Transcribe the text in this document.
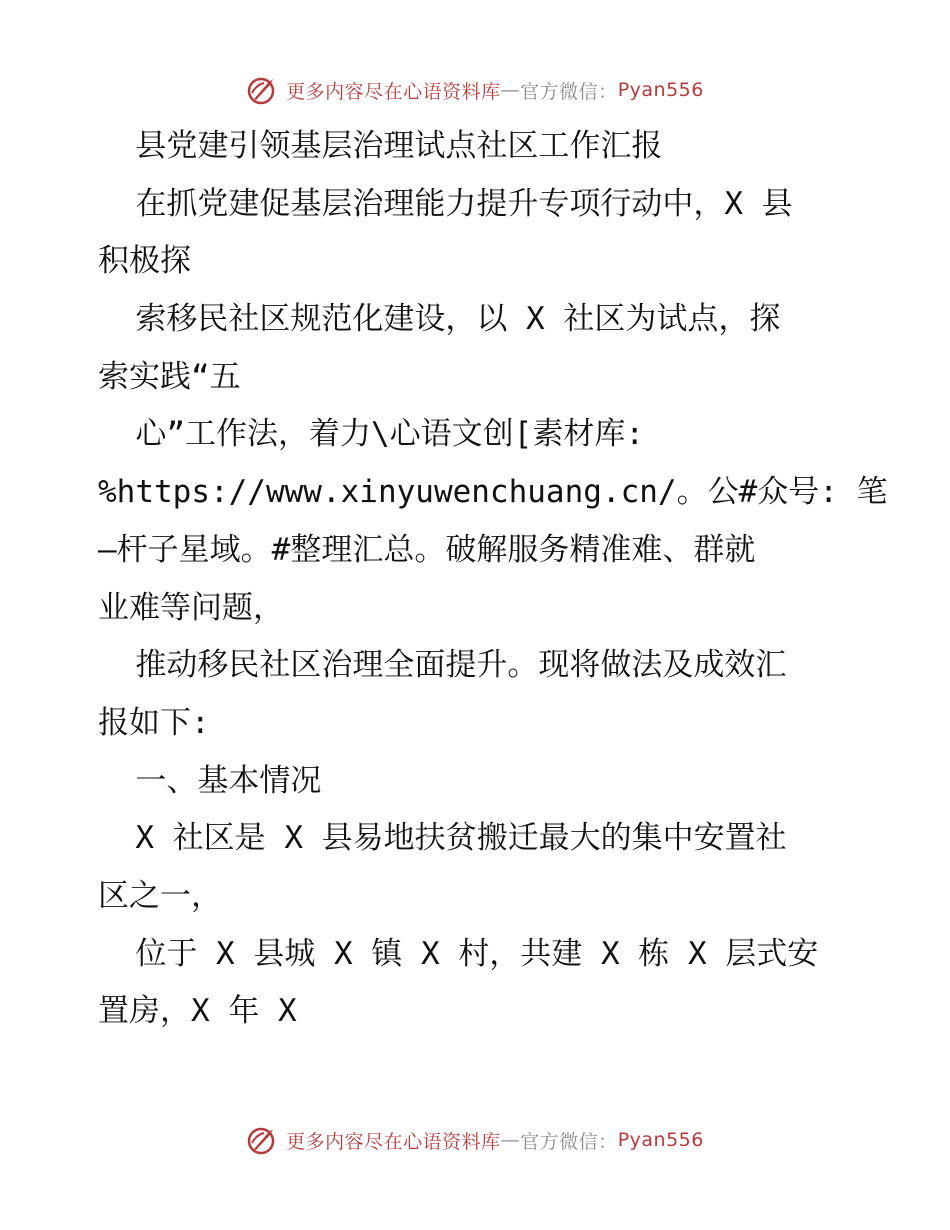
更多内容尽在心语资料库 — 官方微信： Pyan556
县党建引领基层治理试点社区工作汇报
在抓党建促基层治理能力提升专项行动中，X 县
积极探
索移民社区规范化建设，以 X 社区为试点，探
索实践“五
心”工作法，着力\心语文创[素材库:
%https://www.xinyuwenchuang.cn/。公#众号: 笔
—杆子星域。#整理汇总。破解服务精准难、群就
业难等问题，
推动移民社区治理全面提升。现将做法及成效汇
报如下:
一、基本情况
X 社区是 X 县易地扶贫搬迁最大的集中安置社
区之一，
位于 X 县城 X 镇 X 村，共建 X 栋 X 层式安
置房，X 年 X
更多内容尽在心语资料库 — 官方微信： Pyan556
